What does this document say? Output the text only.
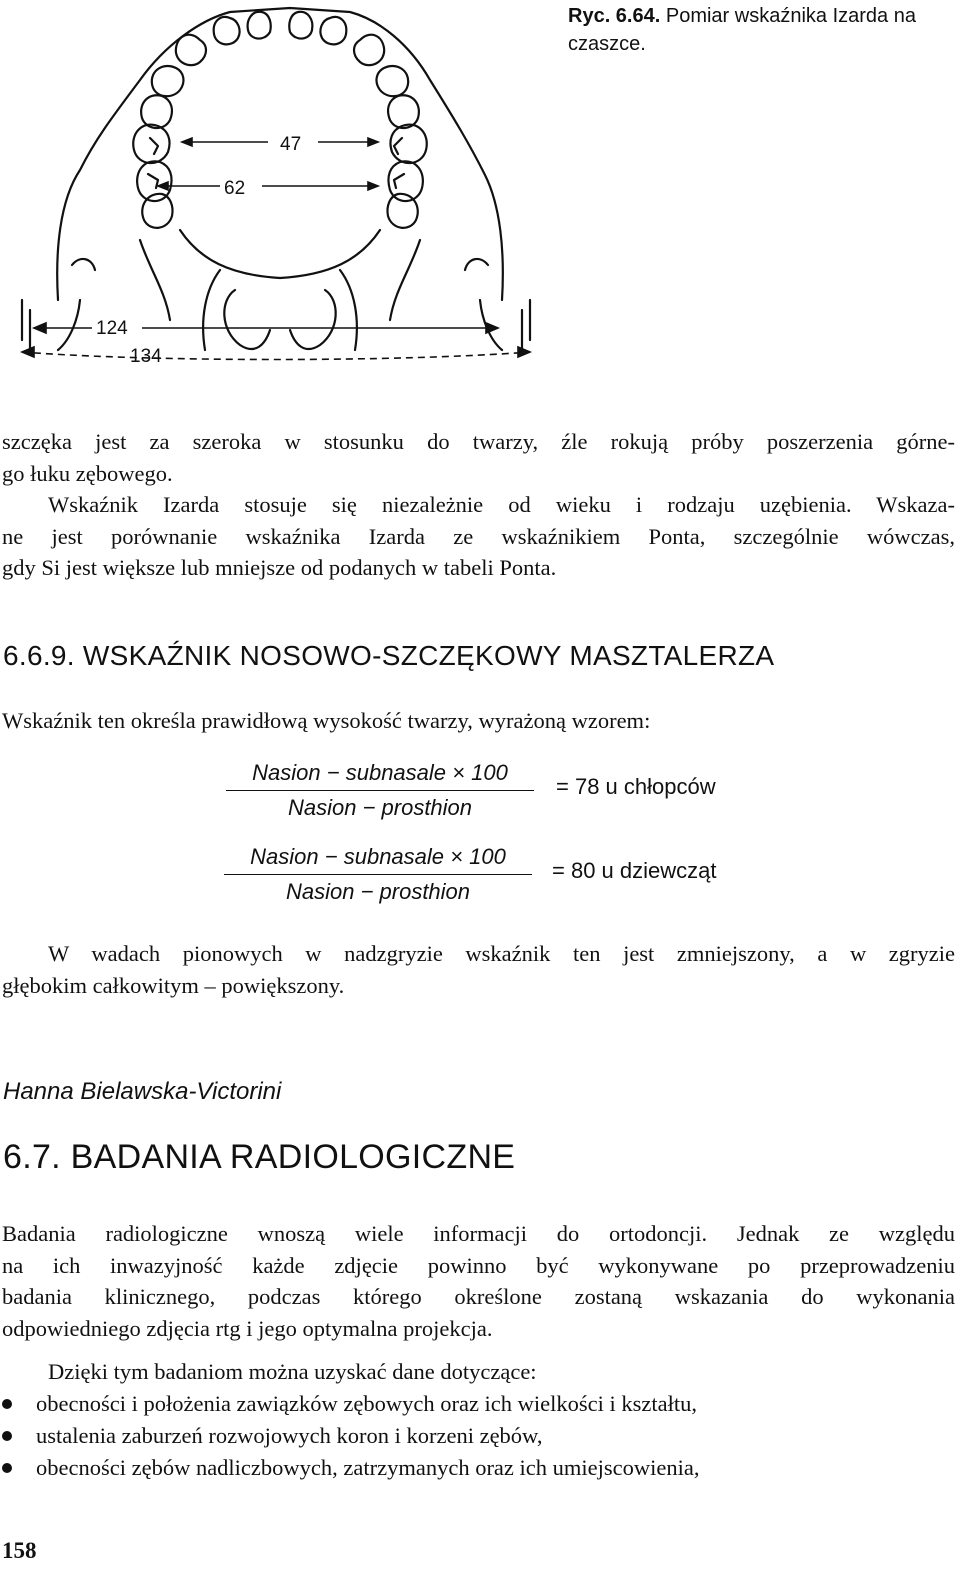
47
62
124
134
Ryc. 6.64. Pomiar wskaźnika Izarda na czaszce.
szczęka jest za szeroka w stosunku do twarzy, źle rokują próby poszerzenia górne-
go łuku zębowego.
Wskaźnik Izarda stosuje się niezależnie od wieku i rodzaju uzębienia. Wskaza-
ne jest porównanie wskaźnika Izarda ze wskaźnikiem Ponta, szczególnie wówczas,
gdy Si jest większe lub mniejsze od podanych w tabeli Ponta.
6.6.9. WSKAŹNIK NOSOWO-SZCZĘKOWY MASZTALERZA
Wskaźnik ten określa prawidłową wysokość twarzy, wyrażoną wzorem:
Nasion − subnasale × 100
Nasion − prosthion
= 78 u chłopców
Nasion − subnasale × 100
Nasion − prosthion
= 80 u dziewcząt
W wadach pionowych w nadzgryzie wskaźnik ten jest zmniejszony, a w zgryzie
głębokim całkowitym – powiększony.
Hanna Bielawska-Victorini
6.7. BADANIA RADIOLOGICZNE
Badania radiologiczne wnoszą wiele informacji do ortodoncji. Jednak ze względu
na ich inwazyjność każde zdjęcie powinno być wykonywane po przeprowadzeniu
badania klinicznego, podczas którego określone zostaną wskazania do wykonania
odpowiedniego zdjęcia rtg i jego optymalna projekcja.
Dzięki tym badaniom można uzyskać dane dotyczące:
obecności i położenia zawiązków zębowych oraz ich wielkości i kształtu,
ustalenia zaburzeń rozwojowych koron i korzeni zębów,
obecności zębów nadliczbowych, zatrzymanych oraz ich umiejscowienia,
158
